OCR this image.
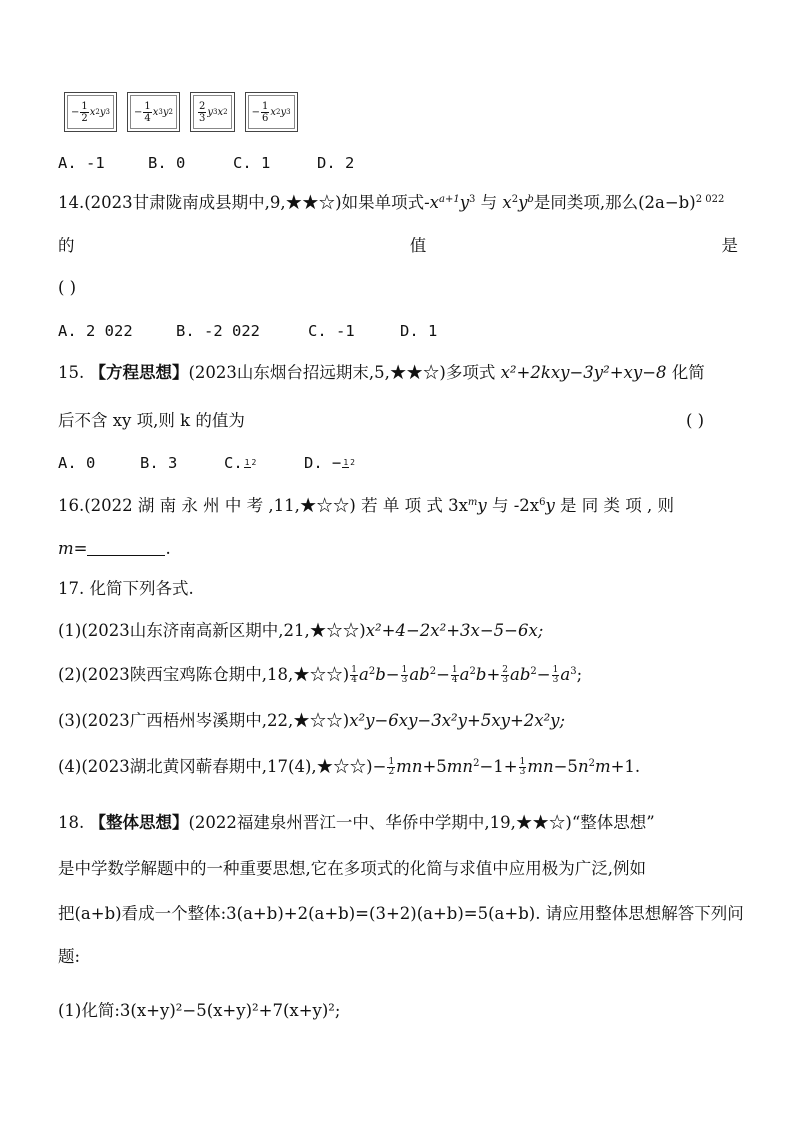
− $\frac{1}{2}$ x 2 y $3 - \frac{1}{4}$ x 3 y 2	$\frac{2}{3}$ y 3 x $2 - \frac{1}{6}$ x 2 y 3
A. -1	B. 0	C. 1	D. 2
14.(2023甘肃陇南成县期中,9,★★☆)如果单项式$-x^{a+1}y^3$ 与 $x^2y^b$是同类项,那么$(2a-b)^{2 022}$
的	值	是
( )
A. 2 022	B. -2 022	C. -1	D. 1
15. 【方程思想】(2023山东烟台招远期末,5,★★☆)多项式 x²+2kxy−3y²+xy−8 化简
后不含 xy 项,则 k 的值为	( )
A. 0	B. 3	C. 1 2	D. − 1 2
16.(2022 湖 南 永 州 中 考 ,11,★☆☆) 若 单 项 式 $3x^my$ 与 $-2x^6y$ 是 同 类 项 , 则
m=	.
17. 化简下列各式.
(1)(2023山东济南高新区期中,21,★☆☆)x²+4−2x²+3x−5−6x;
(2)(2023陕西宝鸡陈仓期中,18,★☆☆) $\frac{1}{4} a^2b- \frac{1}{3} ab^2- \frac{1}{4} a^2b+ \frac{2}{3} ab^2- \frac{1}{3} a^3$;
(3)(2023广西梧州岑溪期中,22,★☆☆)x²y−6xy−3x²y+5xy+2x²y;
(4)(2023湖北黄冈蕲春期中,17(4),★☆☆)− $\frac{1}{2} mn+5mn^2-1+ \frac{1}{3} mn-5n^2m+1$.
18. 【整体思想】(2022福建泉州晋江一中、华侨中学期中,19,★★☆)“整体思想”
是中学数学解题中的一种重要思想,它在多项式的化简与求值中应用极为广泛,例如
把(a+b)看成一个整体:3(a+b)+2(a+b)=(3+2)(a+b)=5(a+b). 请应用整体思想解答下列问
题:
(1)化简:3(x+y)²−5(x+y)²+7(x+y)²;
